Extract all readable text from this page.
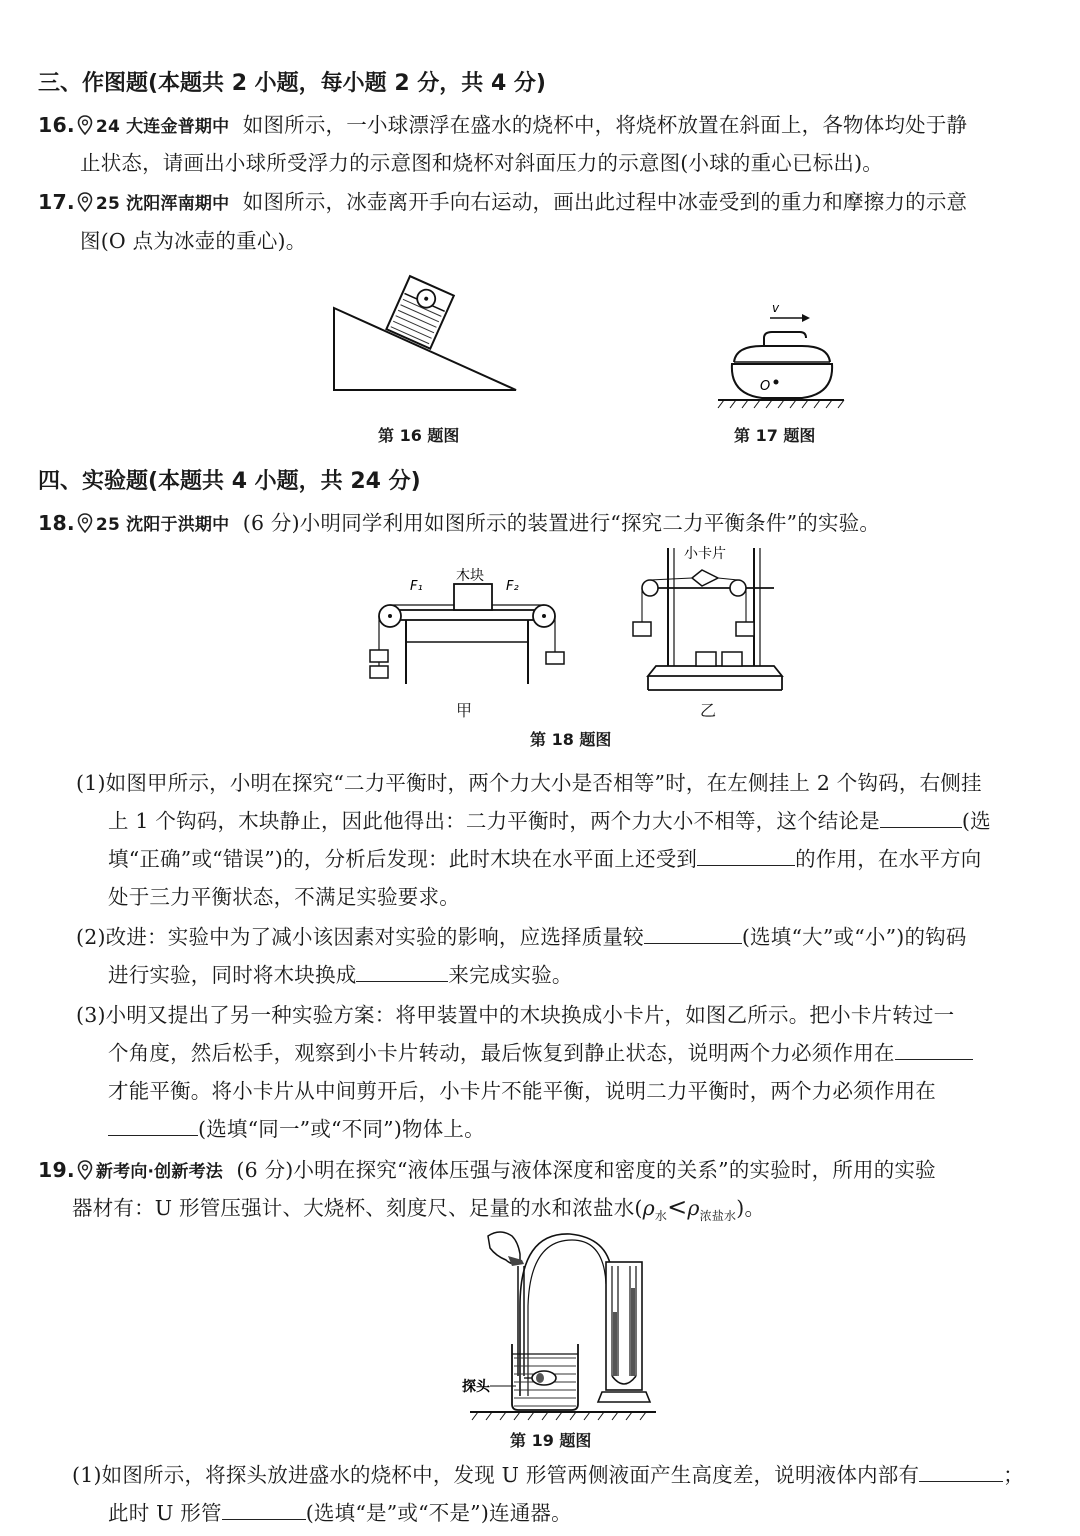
三、作图题(本题共 2 小题，每小题 2 分，共 4 分)
16. 24 大连金普期中 如图所示，一小球漂浮在盛水的烧杯中，将烧杯放置在斜面上，各物体均处于静
止状态，请画出小球所受浮力的示意图和烧杯对斜面压力的示意图(小球的重心已标出)。
17. 25 沈阳浑南期中 如图所示，冰壶离开手向右运动，画出此过程中冰壶受到的重力和摩擦力的示意
图(O 点为冰壶的重心)。
第 16 题图
v
O
第 17 题图
四、实验题(本题共 4 小题，共 24 分)
18. 25 沈阳于洪期中 (6 分)小明同学利用如图所示的装置进行“探究二力平衡条件”的实验。
木块
F₁	F₂
甲
小卡片
乙
第 18 题图
(1)如图甲所示，小明在探究“二力平衡时，两个力大小是否相等”时，在左侧挂上 2 个钩码，右侧挂
上 1 个钩码，木块静止，因此他得出：二力平衡时，两个力大小不相等，这个结论是	(选
填“正确”或“错误”)的，分析后发现：此时木块在水平面上还受到	的作用，在水平方向
处于三力平衡状态，不满足实验要求。
(2)改进：实验中为了减小该因素对实验的影响，应选择质量较	(选填“大”或“小”)的钩码
进行实验，同时将木块换成	来完成实验。
(3)小明又提出了另一种实验方案：将甲装置中的木块换成小卡片，如图乙所示。把小卡片转过一
个角度，然后松手，观察到小卡片转动，最后恢复到静止状态，说明两个力必须作用在
才能平衡。将小卡片从中间剪开后，小卡片不能平衡，说明二力平衡时，两个力必须作用在
(选填“同一”或“不同”)物体上。
19. 新考向·创新考法 (6 分)小明在探究“液体压强与液体深度和密度的关系”的实验时，所用的实验
器材有：U 形管压强计、大烧杯、刻度尺、足量的水和浓盐水$(\rho_水<\rho_{浓盐水})$。
探头
第 19 题图
(1)如图所示，将探头放进盛水的烧杯中，发现 U 形管两侧液面产生高度差，说明液体内部有	；
此时 U 形管	(选填“是”或“不是”)连通器。
